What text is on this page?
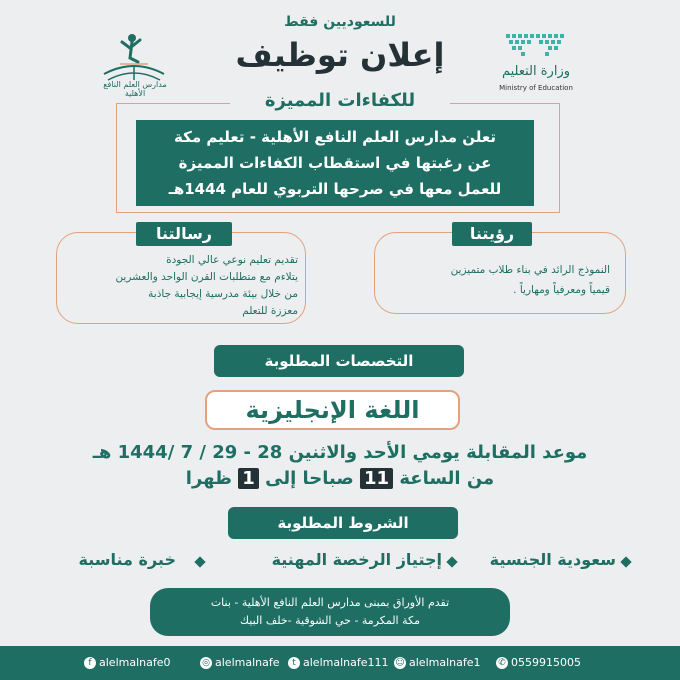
للسعوديين فقط
إعلان توظيف
مدارس العلم النافع الأهلية
وزارة التعليم
Ministry of Education
للكفاءات المميزة
تعلن مدارس العلم النافع الأهلية - تعليم مكة
عن رغبتها في استقطاب الكفاءات المميزة
للعمل معها في صرحها التربوي للعام 1444هـ
رسالتنا
تقديم تعليم نوعي عالي الجودة
يتلاءم مع متطلبات القرن الواحد والعشرين
من خلال بيئة مدرسية إيجابية جاذبة
معززة للتعلم
رؤيتنا
النموذج الرائد في بناء طلاب متميزين
قيمياً ومعرفياً ومهارياً .
التخصصات المطلوبة
اللغة الإنجليزية
موعد المقابلة يومي الأحد والاثنين 28 - 29 / 7 /1444 هـ
من الساعة 11 صباحا إلى 1 ظهرا
الشروط المطلوبة
سعودية الجنسية
إجتياز الرخصة المهنية
خبرة مناسبة
تقدم الأوراق بمبنى مدارس العلم النافع الأهلية - بنات
مكة المكرمة - حي الشوقية -خلف البيك
f alelmalnafe0	◎ alelmalnafe	t alelmalnafe111 ☺ alelmalnafe1 ✆ 0559915005
